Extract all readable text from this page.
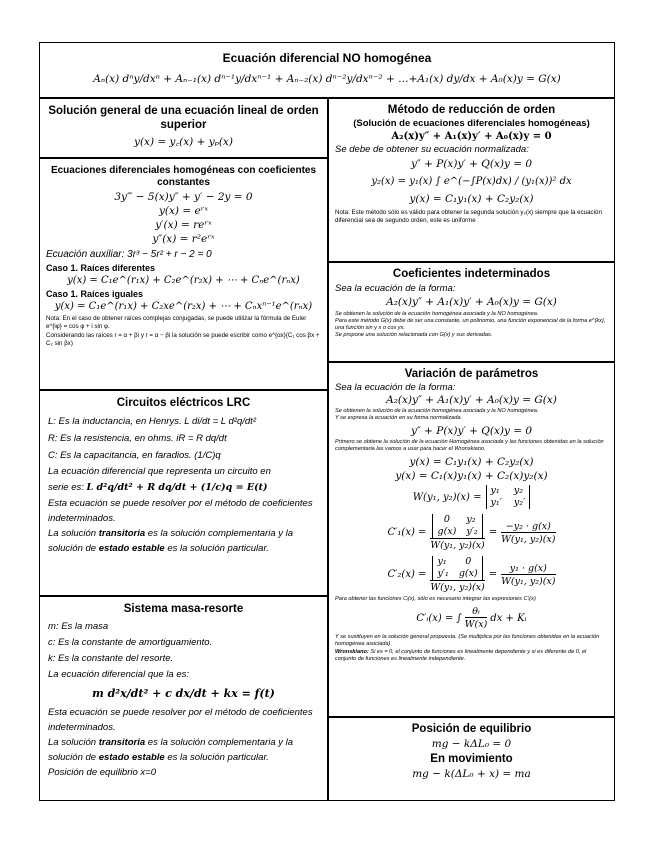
Ecuación diferencial NO homogénea
Aₙ(x) dⁿy/dxⁿ + Aₙ₋₁(x) dⁿ⁻¹y/dxⁿ⁻¹ + Aₙ₋₂(x) dⁿ⁻²y/dxⁿ⁻² + …+A₁(x) dy/dx + A₀(x)y = G(x)
Solución general de una ecuación lineal de orden superior
y(x) = y꜀(x) + yₚ(x)
Ecuaciones diferenciales homogéneas con coeficientes constantes
3y‴ − 5(x)y″ + y′ − 2y = 0
y(x) = eʳˣ
y′(x) = reʳˣ
y″(x) = r²eʳˣ
Ecuación auxiliar: 3r³ − 5r² + r − 2 = 0
Caso 1. Raíces diferentes
y(x) = C₁e^(r₁x) + C₂e^(r₂x) + ⋯ + Cₙe^(rₙx)
Caso 1. Raíces iguales
y(x) = C₁e^(r₁x) + C₂xe^(r₂x) + ⋯ + Cₙxⁿ⁻¹e^(rₙx)
Nota: En el caso de obtener raíces complejas conjugadas, se puede utilizar la fórmula de Euler e^{iφ} = cos φ + i sin φ.
Considerando las raíces r = α + βi y r = α − βi la solución se puede escribir como e^{αx}(C₁ cos βx + C₂ sin βx)
Circuitos eléctricos LRC
L: Es la inductancia, en Henrys. L di/dt = L d²q/dt²
R: Es la resistencia, en ohms. iR = R dq/dt
C: Es la capacitancia, en faradios. (1/C)q
La ecuación diferencial que representa un circuito en
serie es: L d²q/dt² + R dq/dt + (1/c)q = E(t)
Esta ecuación se puede resolver por el método de coeficientes indeterminados.
La solución transitoria es la solución complementaria y la solución de estado estable es la solución particular.
Sistema masa-resorte
m: Es la masa
c: Es la constante de amortiguamiento.
k: Es la constante del resorte.
La ecuación diferencial que la es:
m d²x/dt² + c dx/dt + kx = f(t)
Esta ecuación se puede resolver por el método de coeficientes indeterminados.
La solución transitoria es la solución complementaria y la solución de estado estable es la solución particular.
Posición de equilibrio x=0
Método de reducción de orden
(Solución de ecuaciones diferenciales homogéneas)
A₂(x)y″ + A₁(x)y′ + A₀(x)y = 0
Se debe de obtener su ecuación normalizada:
y″ + P(x)y′ + Q(x)y = 0
y₂(x) = y₁(x) ∫ e^(−∫P(x)dx) / (y₁(x))² dx
y(x) = C₁y₁(x) + C₂y₂(x)
Nota: Este método sólo es válido para obtener la segunda solución y₂(x) siempre que la ecuación diferencial sea de segundo orden, este es uniforme
Coeficientes indeterminados
Sea la ecuación de la forma:
A₂(x)y″ + A₁(x)y′ + A₀(x)y = G(x)
Se obtienen la solución de la ecuación homogénea asociada y la NO homogénea.
Para este método G(x) debe de ser una constante, un polinomio, una función exponencial de la forma e^{kx}, una función sin y x o cos yx.
Se propone una solución relacionada con G(x) y sus derivadas.
Variación de parámetros
Sea la ecuación de la forma:
A₂(x)y″ + A₁(x)y′ + A₀(x)y = G(x)
Se obtienen la solución de la ecuación homogénea asociada y la NO homogénea.
Y se expresa la ecuación en su forma normalizada.
y″ + P(x)y′ + Q(x)y = 0
Primero se obtiene la solución de la ecuación Homogénea asociada y las funciones obtenidas en la solución complementaria las vamos a usar para hacer el Wronskiano.
y(x) = C₁y₁(x) + C₂y₂(x)
y(x) = C₁(x)y₁(x) + C₂(x)y₂(x)
W(y₁, y₂)(x) =
y₁ y₂
y₁′ y₂′
C′₁(x) = 0	y₂
g(x) y′₂
W(y₁, $y_2)(x) = \frac{\text{−y₂ · g(x)}}{\text{W(y₁, y₂)(x)}}$
C′₂(x) = y₁	0
y′₁ g(x)
W(y₁, $y_2)(x) = \frac{\text{y₁ · g(x)}}{\text{W(y₁, y₂)(x)}}$
Para obtener las funciones Cᵢ(x), sólo es necesario integrar las expresiones C′ᵢ(x)
C′ᵢ(x) = ∫
θᵢ
W(x)
dx + Kᵢ
Y se sustituyen en la solución general propuesta. (Se multiplica por las funciones obtenidas en la ecuación homogénea asociada)
Wronskiano: Si es = 0, el conjunto de funciones es linealmente dependiente y si es diferente de 0, el conjunto de funciones es linealmente independiente.
Posición de equilibrio
mg − kΔL₀ = 0
En movimiento
mg − k(ΔL₀ + x) = ma
